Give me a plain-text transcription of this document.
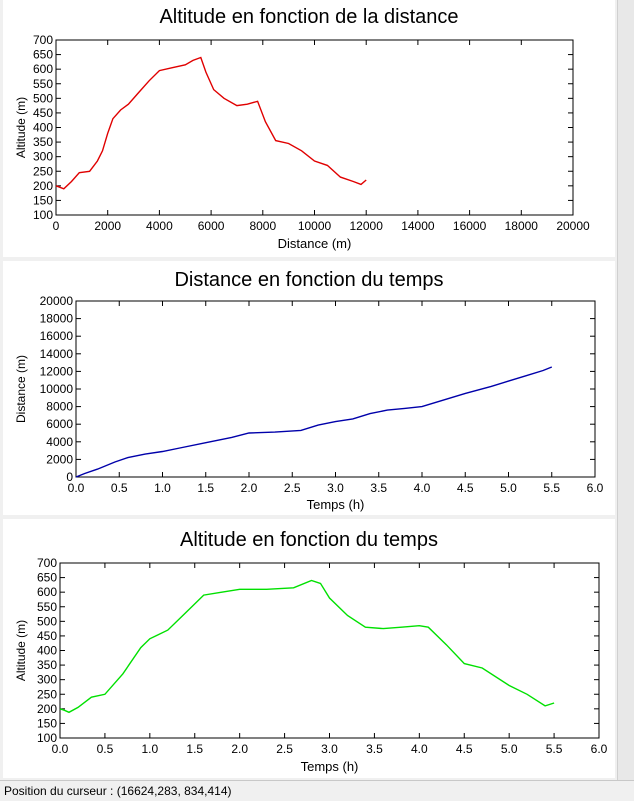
Altitude en fonction de la distance
0	2000 4000 6000 8000 10000 12000 14000 16000 18000 20000
100
150
200
250
300
350
400
450
500
550
600
650
700
Distance (m)
Altitude (m)
Distance en fonction du temps
0.0 0.5 1.0 1.5 2.0 2.5 3.0 3.5 4.0 4.5 5.0 5.5 6.0
0
2000
4000
6000
8000
10000
12000
14000
16000
18000
20000
Temps (h)
Distance (m)
Altitude en fonction du temps
0.0 0.5 1.0 1.5 2.0 2.5 3.0 3.5 4.0 4.5 5.0 5.5 6.0
100
150
200
250
300
350
400
450
500
550
600
650
700
Temps (h)
Altitude (m)
Position du curseur : (16624,283, 834,414)
